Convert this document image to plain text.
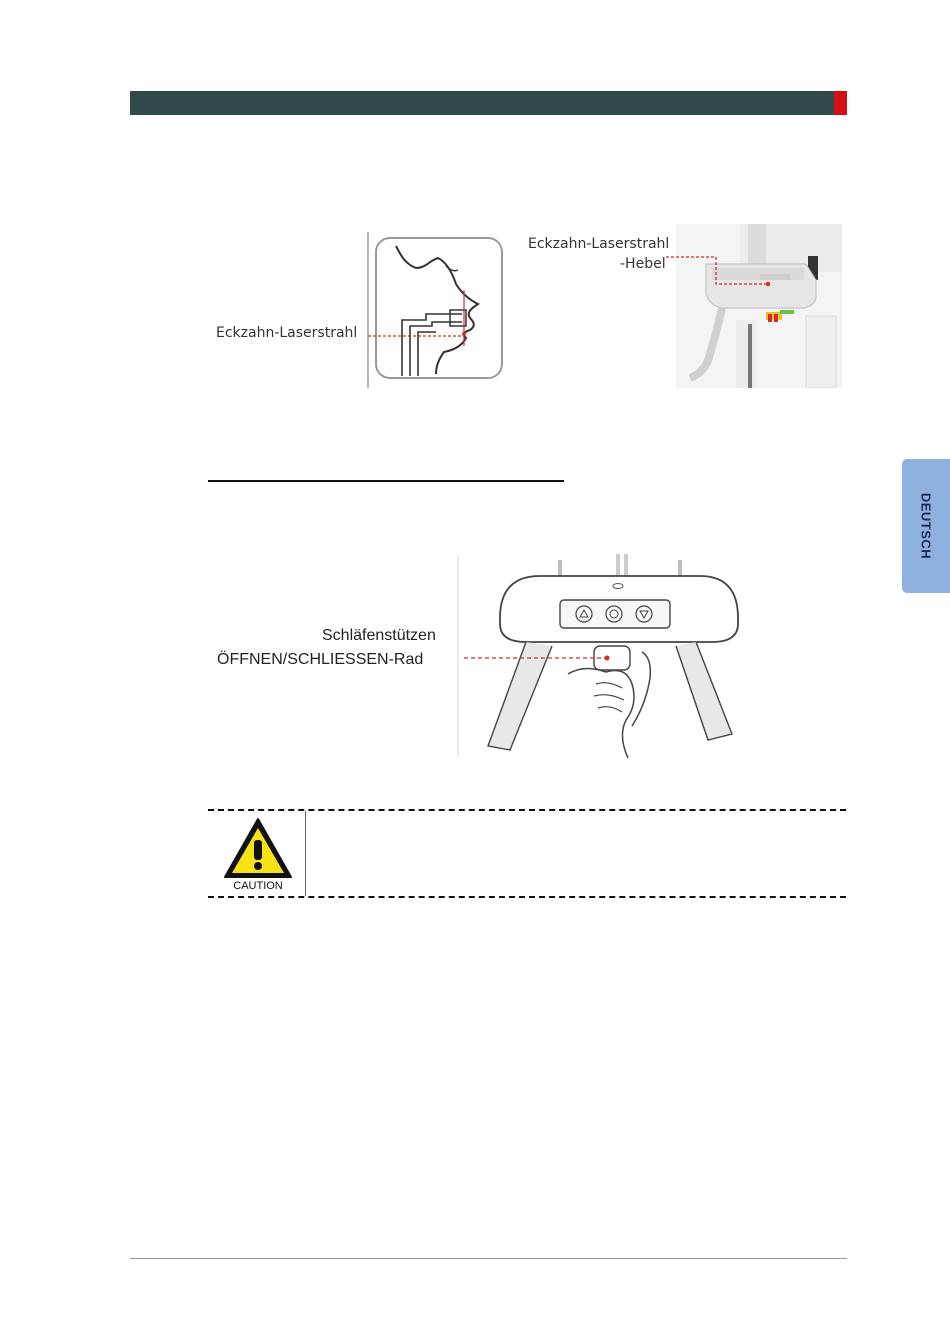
DEUTSCH
Eckzahn-Laserstrahl
Eckzahn-Laserstrahl
-Hebel
Schläfenstützen
ÖFFNEN/SCHLIESSEN-Rad
CAUTION
